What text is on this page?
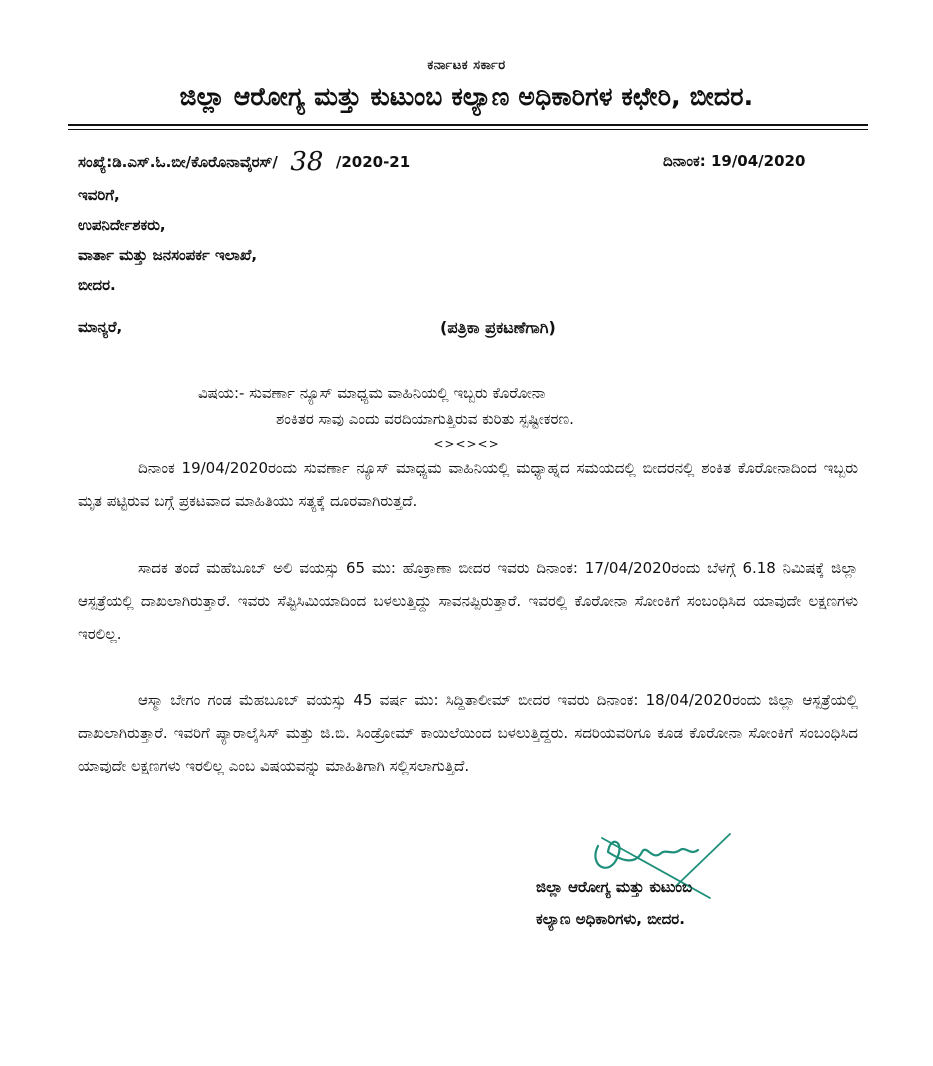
ಕರ್ನಾಟಕ ಸರ್ಕಾರ
ಜಿಲ್ಲಾ ಆರೋಗ್ಯ ಮತ್ತು ಕುಟುಂಬ ಕಲ್ಯಾಣ ಅಧಿಕಾರಿಗಳ ಕಛೇರಿ, ಬೀದರ.
ಸಂಖ್ಯೆ:ಡಿ.ಎಸ್.ಓ.ಬೀ/ಕೊರೊನಾವೈರಸ್/ 38 /2020-21	ದಿನಾಂಕ: 19/04/2020
ಇವರಿಗೆ,
ಉಪನಿರ್ದೇಶಕರು,
ವಾರ್ತಾ ಮತ್ತು ಜನಸಂಪರ್ಕ ಇಲಾಖೆ,
ಬೀದರ.
ಮಾನ್ಯರೆ,	(ಪತ್ರಿಕಾ ಪ್ರಕಟಣೆಗಾಗಿ)
ವಿಷಯ:- ಸುವರ್ಣಾ ನ್ಯೂಸ್ ಮಾಧ್ಯಮ ವಾಹಿನಿಯಲ್ಲಿ ಇಬ್ಬರು ಕೊರೋನಾ
ಶಂಕಿತರ ಸಾವು ಎಂದು ವರದಿಯಾಗುತ್ತಿರುವ ಕುರಿತು ಸ್ಪಷ್ಟೀಕರಣ.
<><><>

ದಿನಾಂಕ 19/04/2020ರಂದು ಸುವರ್ಣಾ ನ್ಯೂಸ್ ಮಾಧ್ಯಮ ವಾಹಿನಿಯಲ್ಲಿ ಮಧ್ಯಾಹ್ನದ ಸಮಯದಲ್ಲಿ ಬೀದರನಲ್ಲಿ ಶಂಕಿತ ಕೊರೋನಾದಿಂದ ಇಬ್ಬರು ಮೃತ ಪಟ್ಟಿರುವ ಬಗ್ಗೆ ಪ್ರಕಟವಾದ ಮಾಹಿತಿಯು ಸತ್ಯಕ್ಕೆ ದೂರವಾಗಿರುತ್ತದೆ.

ಸಾದಕ ತಂದೆ ಮಹೆಬೂಬ್ ಅಲಿ ವಯಸ್ಸು 65 ಮು: ಹೊಕ್ರಾಣಾ ಬೀದರ ಇವರು ದಿನಾಂಕ: 17/04/2020ರಂದು ಬೆಳಗ್ಗೆ 6.18 ನಿಮಿಷಕ್ಕೆ ಜಿಲ್ಲಾ ಆಸ್ಪತ್ರೆಯಲ್ಲಿ ದಾಖಲಾಗಿರುತ್ತಾರೆ. ಇವರು ಸೆಪ್ಟಿಸಿಮಿಯಾದಿಂದ ಬಳಲುತ್ತಿದ್ದು ಸಾವನಪ್ಪಿರುತ್ತಾರೆ. ಇವರಲ್ಲಿ ಕೊರೋನಾ ಸೋಂಕಿಗೆ ಸಂಬಂಧಿಸಿದ ಯಾವುದೇ ಲಕ್ಷಣಗಳು ಇರಲಿಲ್ಲ.

ಆಸ್ಮಾ ಬೇಗಂ ಗಂಡ ಮೆಹಬೂಬ್ ವಯಸ್ಸು 45 ವರ್ಷ ಮು: ಸಿದ್ದಿತಾಲೀಮ್ ಬೀದರ ಇವರು ದಿನಾಂಕ: 18/04/2020ರಂದು ಜಿಲ್ಲಾ ಆಸ್ಪತ್ರೆಯಲ್ಲಿ ದಾಖಲಾಗಿರುತ್ತಾರೆ. ಇವರಿಗೆ ಪ್ಯಾರಾಲೈಸಿಸ್ ಮತ್ತು ಜಿ.ಬಿ. ಸಿಂಡ್ರೋಮ್ ಕಾಯಿಲೆಯಿಂದ ಬಳಲುತ್ತಿದ್ದರು. ಸದರಿಯವರಿಗೂ ಕೂಡ ಕೊರೋನಾ ಸೋಂಕಿಗೆ ಸಂಬಂಧಿಸಿದ ಯಾವುದೇ ಲಕ್ಷಣಗಳು ಇರಲಿಲ್ಲ ಎಂಬ ವಿಷಯವನ್ನು ಮಾಹಿತಿಗಾಗಿ ಸಲ್ಲಿಸಲಾಗುತ್ತಿದೆ.

ಜಿಲ್ಲಾ ಆರೋಗ್ಯ ಮತ್ತು ಕುಟುಂಬ
ಕಲ್ಯಾಣ ಅಧಿಕಾರಿಗಳು, ಬೀದರ.
